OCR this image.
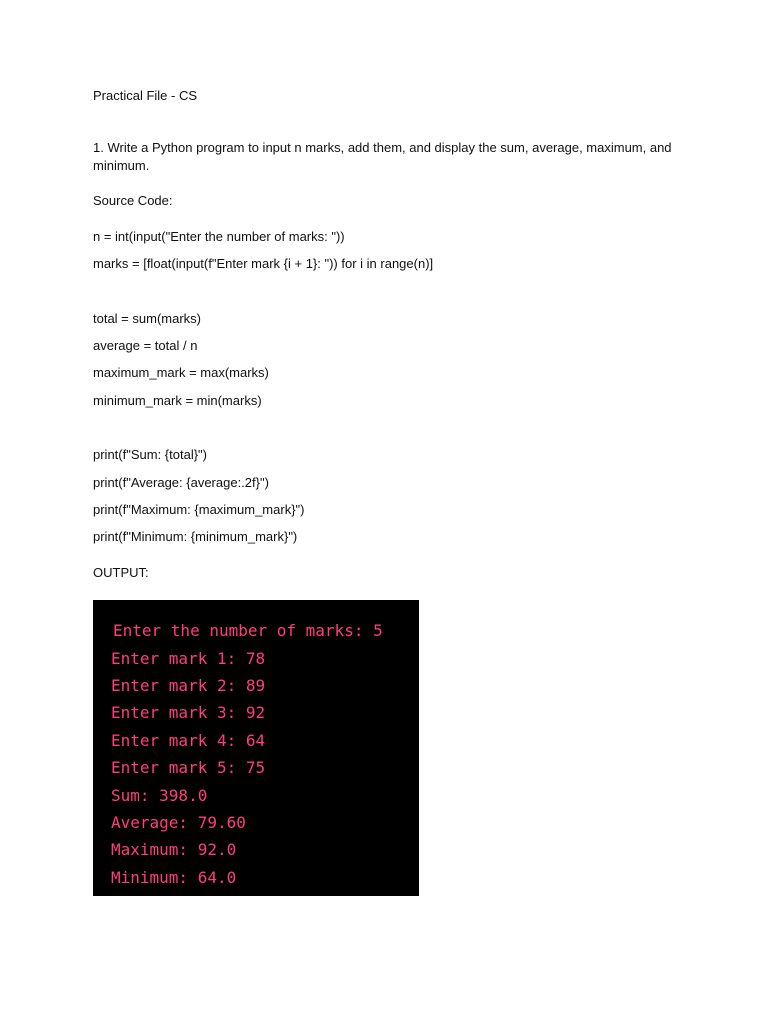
Practical File - CS

1. Write a Python program to input n marks, add them, and display the sum, average, maximum, and minimum.

Source Code:

n = int(input("Enter the number of marks: "))

marks = [float(input(f"Enter mark {i + 1}: ")) for i in range(n)]

total = sum(marks)

average = total / n

maximum_mark = max(marks)

minimum_mark = min(marks)

print(f"Sum: {total}")

print(f"Average: {average:.2f}")

print(f"Maximum: {maximum_mark}")

print(f"Minimum: {minimum_mark}")

OUTPUT:

Enter the number of marks: 5

Enter mark 1: 78

Enter mark 2: 89

Enter mark 3: 92

Enter mark 4: 64

Enter mark 5: 75

Sum: 398.0

Average: 79.60

Maximum: 92.0

Minimum: 64.0
